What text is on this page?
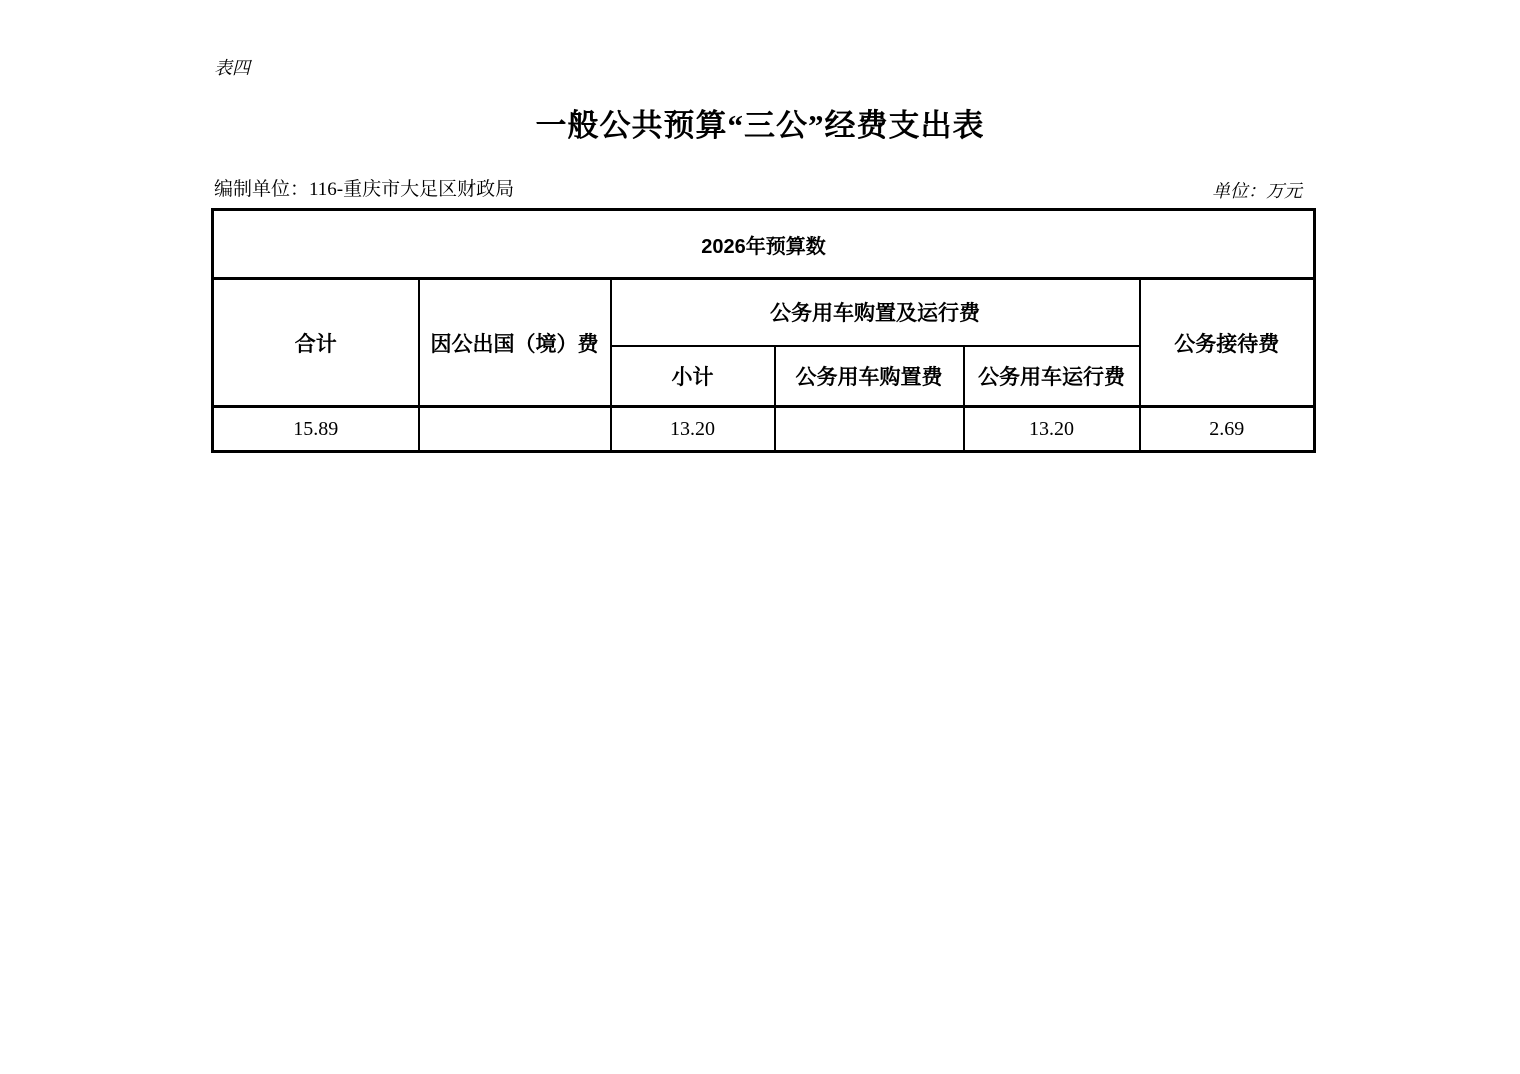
表四
一般公共预算“三公”经费支出表
编制单位：116-重庆市大足区财政局	单位：万元
2026年预算数					
合计	因公出国（境）费	公务用车购置及运行费			公务接待费
		小计	公务用车购置费	公务用车运行费	
15.89		13.20		13.20	2.69
